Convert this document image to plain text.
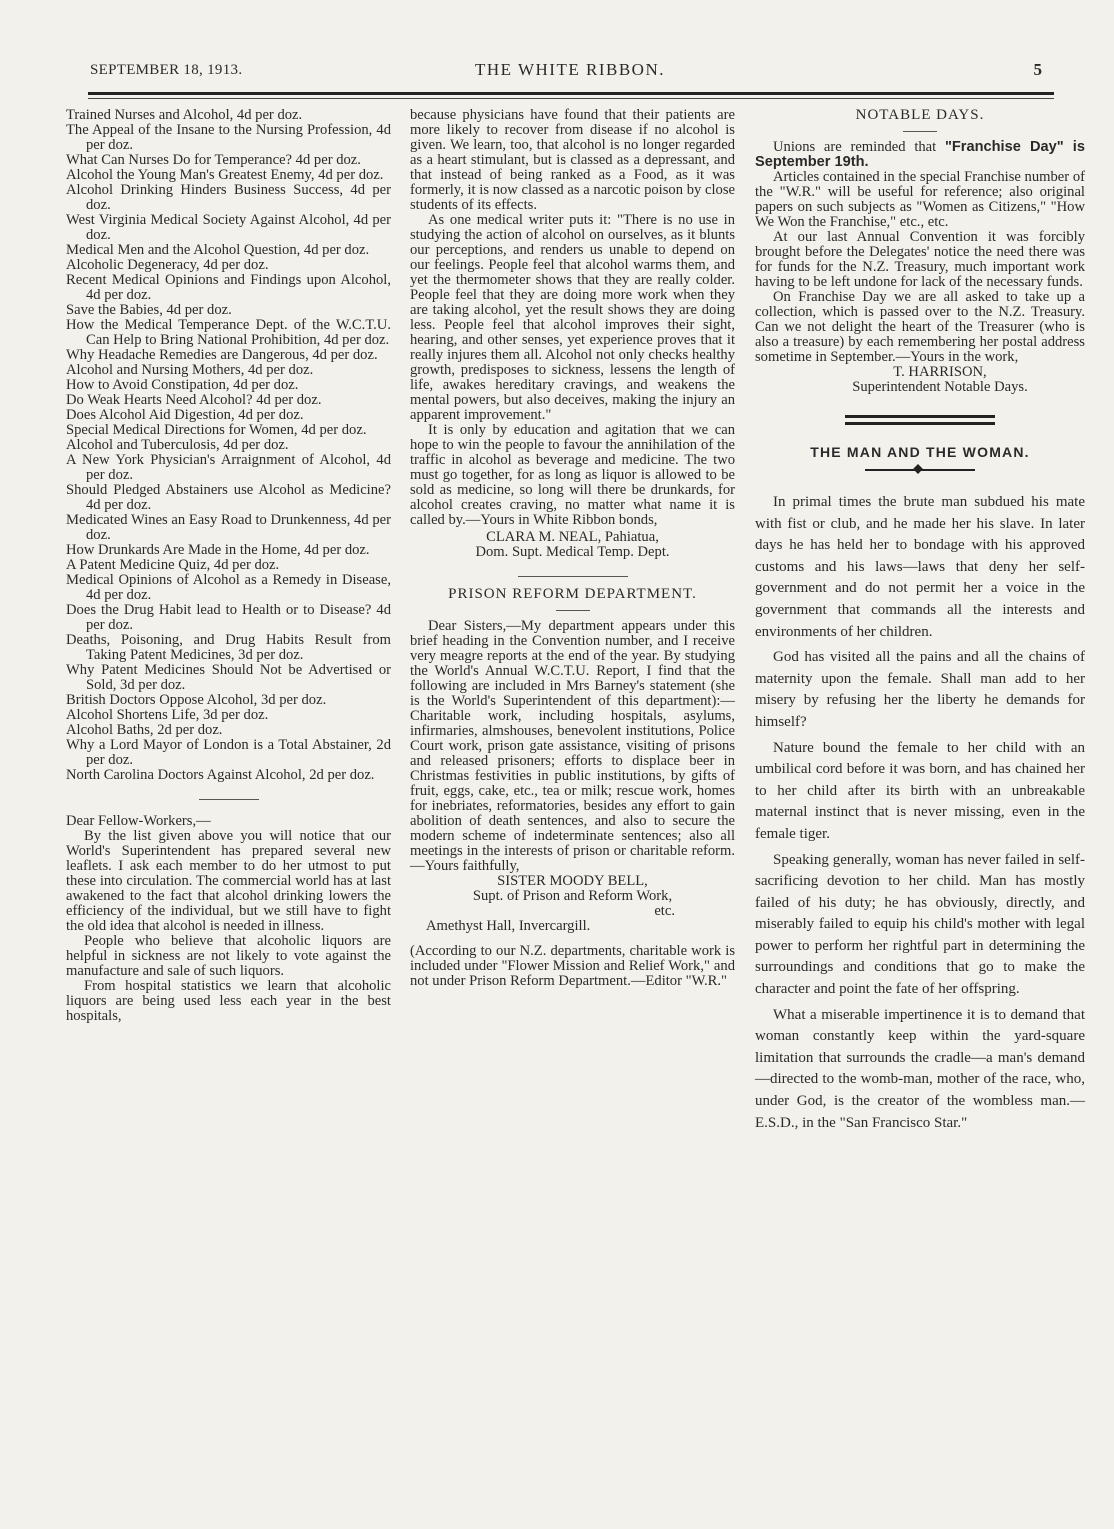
SEPTEMBER 18, 1913.	THE WHITE RIBBON.	5

Trained Nurses and Alcohol, 4d per doz.

The Appeal of the Insane to the Nursing Profession, 4d per doz.

What Can Nurses Do for Temperance? 4d per doz.

Alcohol the Young Man's Greatest Enemy, 4d per doz.

Alcohol Drinking Hinders Business Success, 4d per doz.

West Virginia Medical Society Against Alcohol, 4d per doz.

Medical Men and the Alcohol Question, 4d per doz.

Alcoholic Degeneracy, 4d per doz.

Recent Medical Opinions and Findings upon Alcohol, 4d per doz.

Save the Babies, 4d per doz.

How the Medical Temperance Dept. of the W.C.T.U. Can Help to Bring National Prohibition, 4d per doz.

Why Headache Remedies are Dangerous, 4d per doz.

Alcohol and Nursing Mothers, 4d per doz.

How to Avoid Constipation, 4d per doz.

Do Weak Hearts Need Alcohol? 4d per doz.

Does Alcohol Aid Digestion, 4d per doz.

Special Medical Directions for Women, 4d per doz.

Alcohol and Tuberculosis, 4d per doz.

A New York Physician's Arraignment of Alcohol, 4d per doz.

Should Pledged Abstainers use Alcohol as Medicine? 4d per doz.

Medicated Wines an Easy Road to Drunkenness, 4d per doz.

How Drunkards Are Made in the Home, 4d per doz.

A Patent Medicine Quiz, 4d per doz.

Medical Opinions of Alcohol as a Remedy in Disease, 4d per doz.

Does the Drug Habit lead to Health or to Disease? 4d per doz.

Deaths, Poisoning, and Drug Habits Result from Taking Patent Medicines, 3d per doz.

Why Patent Medicines Should Not be Advertised or Sold, 3d per doz.

British Doctors Oppose Alcohol, 3d per doz.

Alcohol Shortens Life, 3d per doz.

Alcohol Baths, 2d per doz.

Why a Lord Mayor of London is a Total Abstainer, 2d per doz.

North Carolina Doctors Against Alcohol, 2d per doz.

Dear Fellow-Workers,—

By the list given above you will notice that our World's Superintendent has prepared several new leaflets. I ask each member to do her utmost to put these into circulation. The commercial world has at last awakened to the fact that alcohol drinking lowers the efficiency of the individual, but we still have to fight the old idea that alcohol is needed in illness.

People who believe that alcoholic liquors are helpful in sickness are not likely to vote against the manufacture and sale of such liquors.

From hospital statistics we learn that alcoholic liquors are being used less each year in the best hospitals,

because physicians have found that their patients are more likely to recover from disease if no alcohol is given. We learn, too, that alcohol is no longer regarded as a heart stimulant, but is classed as a depressant, and that instead of being ranked as a Food, as it was formerly, it is now classed as a narcotic poison by close students of its effects.

As one medical writer puts it: "There is no use in studying the action of alcohol on ourselves, as it blunts our perceptions, and renders us unable to depend on our feelings. People feel that alcohol warms them, and yet the thermometer shows that they are really colder. People feel that they are doing more work when they are taking alcohol, yet the result shows they are doing less. People feel that alcohol improves their sight, hearing, and other senses, yet experience proves that it really injures them all. Alcohol not only checks healthy growth, predisposes to sickness, lessens the length of life, awakes hereditary cravings, and weakens the mental powers, but also deceives, making the injury an apparent improvement."

It is only by education and agitation that we can hope to win the people to favour the annihilation of the traffic in alcohol as beverage and medicine. The two must go together, for as long as liquor is allowed to be sold as medicine, so long will there be drunkards, for alcohol creates craving, no matter what name it is called by.—Yours in White Ribbon bonds,

CLARA M. NEAL, Pahiatua,

Dom. Supt. Medical Temp. Dept.

PRISON REFORM DEPARTMENT.

Dear Sisters,—My department appears under this brief heading in the Convention number, and I receive very meagre reports at the end of the year. By studying the World's Annual W.C.T.U. Report, I find that the following are included in Mrs Barney's statement (she is the World's Superintendent of this department):—Charitable work, including hospitals, asylums, infirmaries, almshouses, benevolent institutions, Police Court work, prison gate assistance, visiting of prisons and released prisoners; efforts to displace beer in Christmas festivities in public institutions, by gifts of fruit, eggs, cake, etc., tea or milk; rescue work, homes for inebriates, reformatories, besides any effort to gain abolition of death sentences, and also to secure the modern scheme of indeterminate sentences; also all meetings in the interests of prison or charitable reform.—Yours faithfully,

SISTER MOODY BELL,

Supt. of Prison and Reform Work,

etc.

Amethyst Hall, Invercargill.

(According to our N.Z. departments, charitable work is included under "Flower Mission and Relief Work," and not under Prison Reform Department.—Editor "W.R."

NOTABLE DAYS.

Unions are reminded that "Franchise Day" is September 19th.

Articles contained in the special Franchise number of the "W.R." will be useful for reference; also original papers on such subjects as "Women as Citizens," "How We Won the Franchise," etc., etc.

At our last Annual Convention it was forcibly brought before the Delegates' notice the need there was for funds for the N.Z. Treasury, much important work having to be left undone for lack of the necessary funds.

On Franchise Day we are all asked to take up a collection, which is passed over to the N.Z. Treasury. Can we not delight the heart of the Treasurer (who is also a treasure) by each remembering her postal address sometime in September.—Yours in the work,

T. HARRISON,

Superintendent Notable Days.

THE MAN AND THE WOMAN.

In primal times the brute man subdued his mate with fist or club, and he made her his slave. In later days he has held her to bondage with his approved customs and his laws—laws that deny her self-government and do not permit her a voice in the government that commands all the interests and environments of her children.

God has visited all the pains and all the chains of maternity upon the female. Shall man add to her misery by refusing her the liberty he demands for himself?

Nature bound the female to her child with an umbilical cord before it was born, and has chained her to her child after its birth with an unbreakable maternal instinct that is never missing, even in the female tiger.

Speaking generally, woman has never failed in self-sacrificing devotion to her child. Man has mostly failed of his duty; he has obviously, directly, and miserably failed to equip his child's mother with legal power to perform her rightful part in determining the surroundings and conditions that go to make the character and point the fate of her offspring.

What a miserable impertinence it is to demand that woman constantly keep within the yard-square limitation that surrounds the cradle—a man's demand—directed to the womb-man, mother of the race, who, under God, is the creator of the wombless man.—E.S.D., in the "San Francisco Star."
